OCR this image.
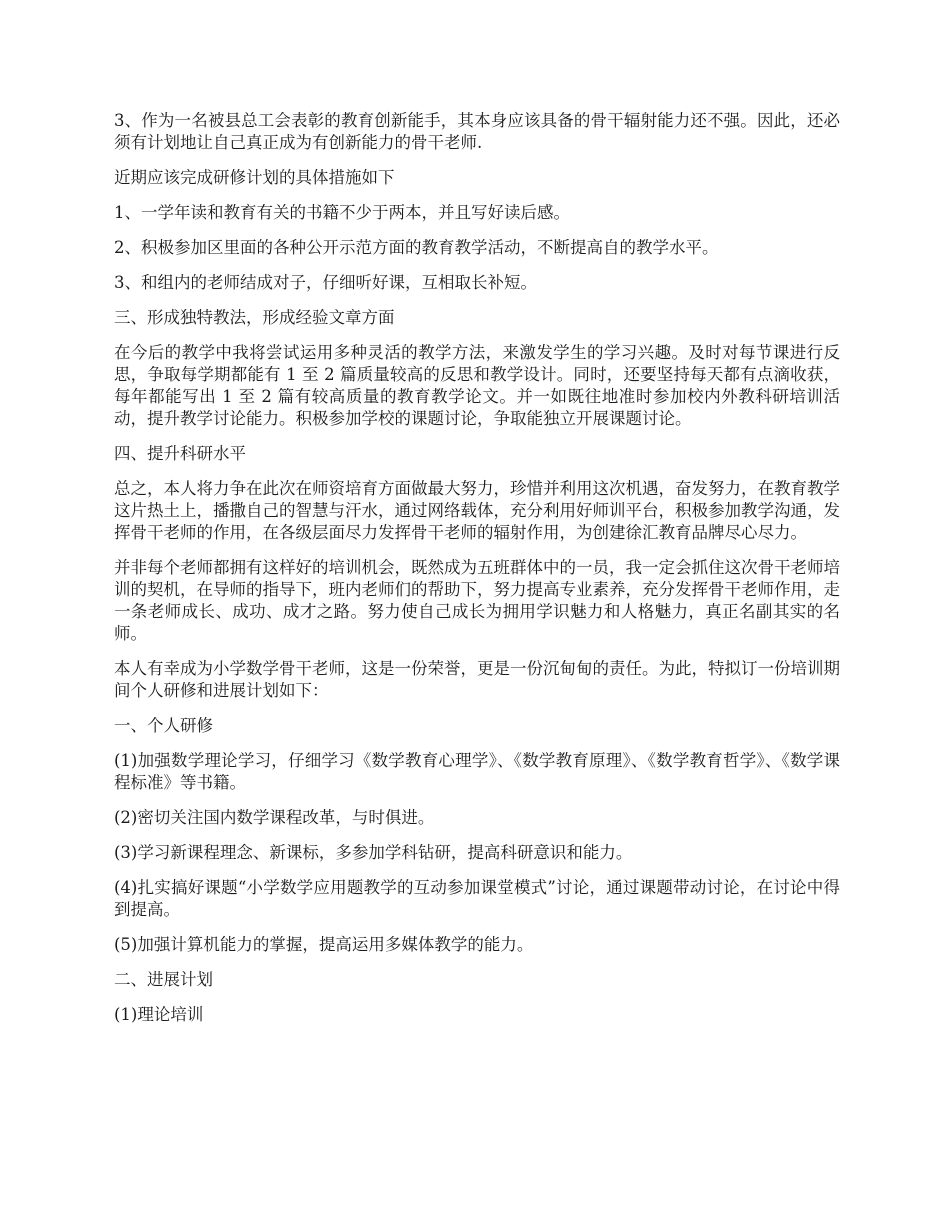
3、作为一名被县总工会表彰的教育创新能手，其本身应该具备的骨干辐射能力还不强。因此，还必须有计划地让自己真正成为有创新能力的骨干老师.

近期应该完成研修计划的具体措施如下

1、一学年读和教育有关的书籍不少于两本，并且写好读后感。

2、积极参加区里面的各种公开示范方面的教育教学活动，不断提高自的教学水平。

3、和组内的老师结成对子，仔细听好课，互相取长补短。

三、形成独特教法，形成经验文章方面

在今后的教学中我将尝试运用多种灵活的教学方法，来激发学生的学习兴趣。及时对每节课进行反思，争取每学期都能有 1 至 2 篇质量较高的反思和教学设计。同时，还要坚持每天都有点滴收获，每年都能写出 1 至 2 篇有较高质量的教育教学论文。并一如既往地准时参加校内外教科研培训活动，提升教学讨论能力。积极参加学校的课题讨论，争取能独立开展课题讨论。

四、提升科研水平

总之，本人将力争在此次在师资培育方面做最大努力，珍惜并利用这次机遇，奋发努力，在教育教学这片热土上，播撒自己的智慧与汗水，通过网络载体，充分利用好师训平台，积极参加教学沟通，发挥骨干老师的作用，在各级层面尽力发挥骨干老师的辐射作用，为创建徐汇教育品牌尽心尽力。

并非每个老师都拥有这样好的培训机会，既然成为五班群体中的一员，我一定会抓住这次骨干老师培训的契机，在导师的指导下，班内老师们的帮助下，努力提高专业素养，充分发挥骨干老师作用，走一条老师成长、成功、成才之路。努力使自己成长为拥用学识魅力和人格魅力，真正名副其实的名师。

本人有幸成为小学数学骨干老师，这是一份荣誉，更是一份沉甸甸的责任。为此，特拟订一份培训期间个人研修和进展计划如下：

一、个人研修

(1)加强数学理论学习，仔细学习《数学教育心理学》、《数学教育原理》、《数学教育哲学》、《数学课程标准》等书籍。

(2)密切关注国内数学课程改革，与时俱进。

(3)学习新课程理念、新课标，多参加学科钻研，提高科研意识和能力。

(4)扎实搞好课题“小学数学应用题教学的互动参加课堂模式”讨论，通过课题带动讨论，在讨论中得到提高。

(5)加强计算机能力的掌握，提高运用多媒体教学的能力。

二、进展计划

(1)理论培训
